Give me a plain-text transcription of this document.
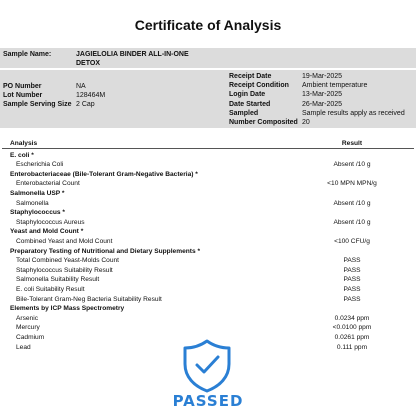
Certificate of Analysis
Sample Name:	JAGIELOLIA BINDER ALL-IN-ONE
DETOX
PO Number	NA
Lot Number	128464M
Sample Serving Size 2 Cap
Receipt Date	19-Mar-2025
Receipt Condition Ambient temperature
Login Date	13-Mar-2025
Date Started	26-Mar-2025
Sampled	Sample results apply as received
Number Composited 20
Analysis	Result
E. coli *
Escherichia Coli	Absent /10 g
Enterobacteriaceae (Bile-Tolerant Gram-Negative Bacteria) *
Enterobacterial Count	<10 MPN MPN/g
Salmonella USP *
Salmonella	Absent /10 g
Staphylococcus *
Staphylococcus Aureus	Absent /10 g
Yeast and Mold Count *
Combined Yeast and Mold Count	<100 CFU/g
Preparatory Testing of Nutritional and Dietary Supplements *
Total Combined Yeast-Molds Count	PASS
Staphylococcus Suitability Result	PASS
Salmonella Suitability Result	PASS
E. coli Suitability Result	PASS
Bile-Tolerant Gram-Neg Bacteria Suitability Result	PASS
Elements by ICP Mass Spectrometry
Arsenic	0.0234 ppm
Mercury	<0.0100 ppm
Cadmium	0.0261 ppm
Lead	0.111 ppm
PASSED
